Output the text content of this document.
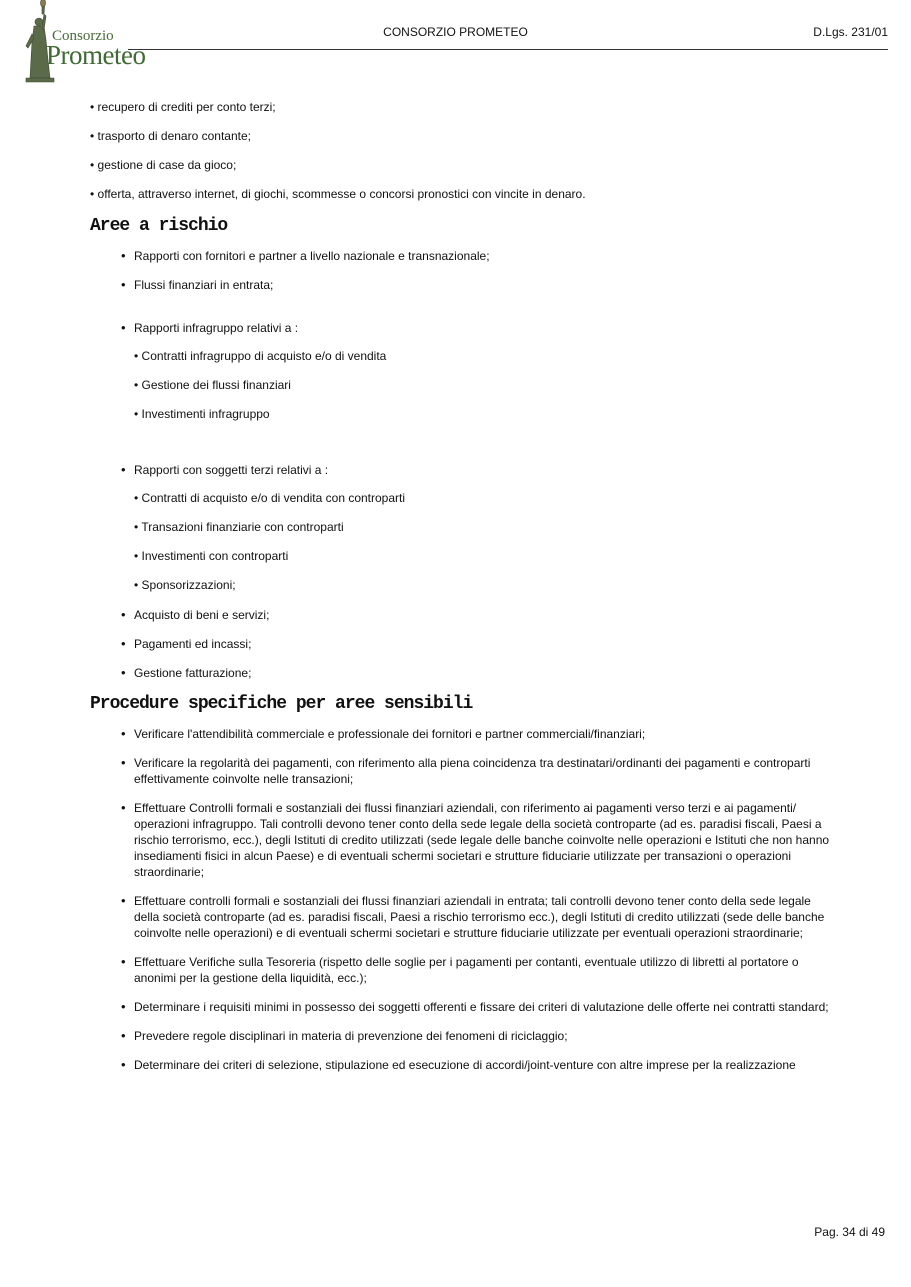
Consorzio
Prometeo
CONSORZIO PROMETEO	D.Lgs. 231/01

• recupero di crediti per conto terzi;

• trasporto di denaro contante;

• gestione di case da gioco;

• offerta, attraverso internet, di giochi, scommesse o concorsi pronostici con vincite in denaro.

Aree a rischio
• Rapporti con fornitori e partner a livello nazionale e transnazionale;
• Flussi finanziari in entrata;
• Rapporti infragruppo relativi a :

• Contratti infragruppo di acquisto e/o di vendita

• Gestione dei flussi finanziari

• Investimenti infragruppo

• Rapporti con soggetti terzi relativi a :

• Contratti di acquisto e/o di vendita con controparti

• Transazioni finanziarie con controparti

• Investimenti con controparti

• Sponsorizzazioni;

• Acquisto di beni e servizi;
• Pagamenti ed incassi;
• Gestione fatturazione;
Procedure specifiche per aree sensibili
• Verificare l'attendibilità commerciale e professionale dei fornitori e partner commerciali/finanziari;
• Verificare la regolarità dei pagamenti, con riferimento alla piena coincidenza tra destinatari/ordinanti dei pagamenti e controparti effettivamente coinvolte nelle transazioni;
• Effettuare Controlli formali e sostanziali dei flussi finanziari aziendali, con riferimento ai pagamenti verso terzi e ai pagamenti/ operazioni infragruppo. Tali controlli devono tener conto della sede legale della società controparte (ad es. paradisi fiscali, Paesi a rischio terrorismo, ecc.), degli Istituti di credito utilizzati (sede legale delle banche coinvolte nelle operazioni e Istituti che non hanno insediamenti fisici in alcun Paese) e di eventuali schermi societari e strutture fiduciarie utilizzate per transazioni o operazioni straordinarie;
• Effettuare controlli formali e sostanziali dei flussi finanziari aziendali in entrata; tali controlli devono tener conto della sede legale della società controparte (ad es. paradisi fiscali, Paesi a rischio terrorismo ecc.), degli Istituti di credito utilizzati (sede delle banche coinvolte nelle operazioni) e di eventuali schermi societari e strutture fiduciarie utilizzate per eventuali operazioni straordinarie;
• Effettuare Verifiche sulla Tesoreria (rispetto delle soglie per i pagamenti per contanti, eventuale utilizzo di libretti al portatore o anonimi per la gestione della liquidità, ecc.);
• Determinare i requisiti minimi in possesso dei soggetti offerenti e fissare dei criteri di valutazione delle offerte nei contratti standard;
• Prevedere regole disciplinari in materia di prevenzione dei fenomeni di riciclaggio;
• Determinare dei criteri di selezione, stipulazione ed esecuzione di accordi/joint-venture con altre imprese per la realizzazione
Pag. 34 di 49
